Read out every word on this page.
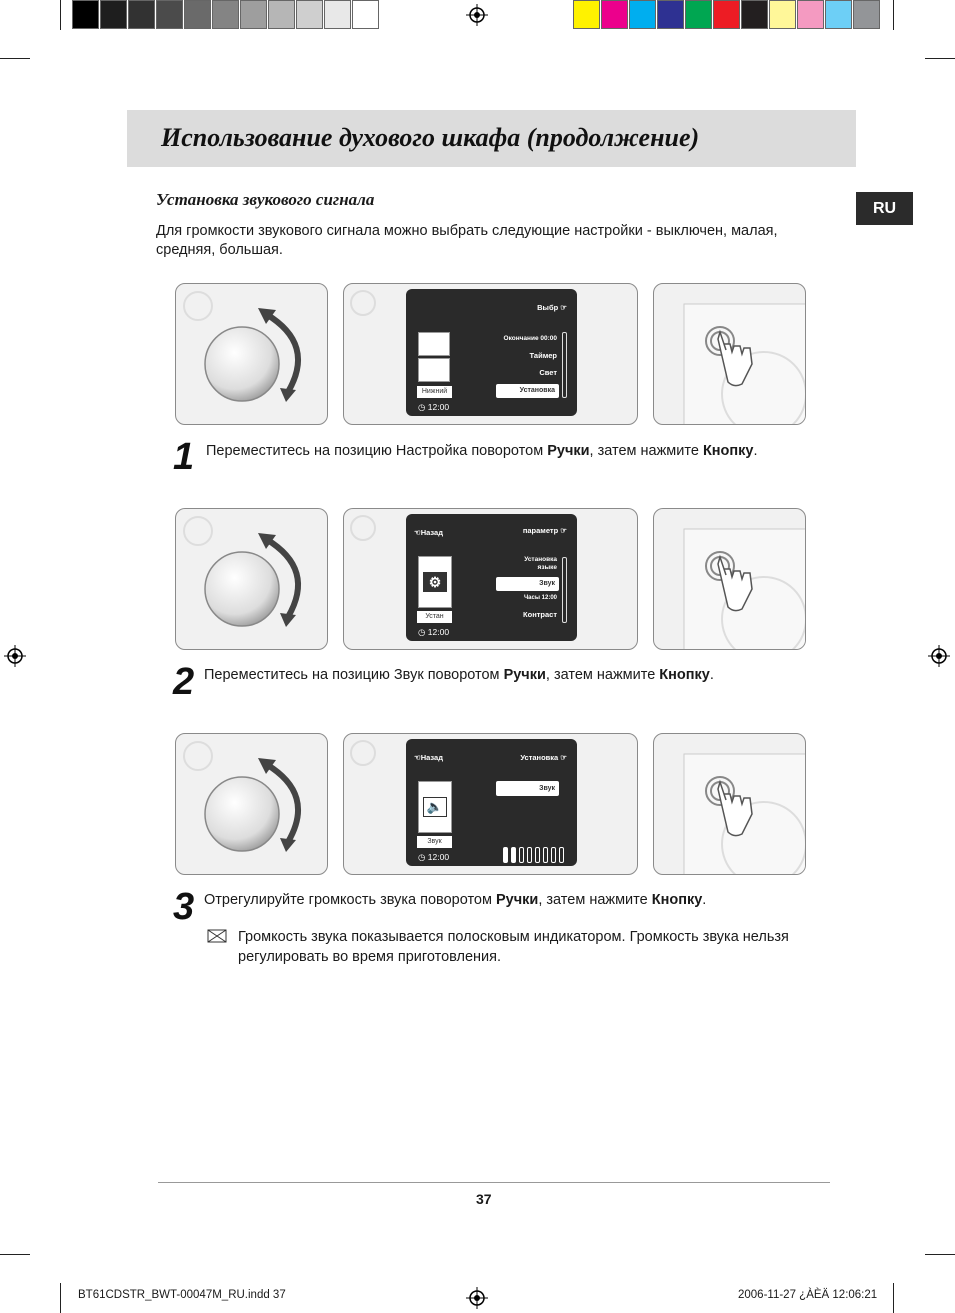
Использование духового шкафа (продолжение)
RU
Установка звукового сигнала
Для громкости звукового сигнала можно выбрать следующие настройки - выключен, малая, средняя, большая.
Выбр ☞
Нижний
Окончание 00:00
Таймер
Свет
Установка
◷ 12:00
1 Переместитесь на позицию Настройка поворотом Ручки, затем нажмите Кнопку.
☜Назад	параметр ☞
⚙
Устан
Установка языке
Звук
Часы 12:00
Контраст
◷ 12:00
2 Переместитесь на позицию Звук поворотом Ручки, затем нажмите Кнопку.
☜Назад	Установка ☞
🔈
Звук
Звук
◷ 12:00
3 Отрегулируйте громкость звука поворотом Ручки, затем нажмите Кнопку.
Громкость звука показывается полосковым индикатором. Громкость звука нельзя регулировать во время приготовления.
37
BT61CDSTR_BWT-00047M_RU.indd 37	2006-11-27 ¿ÀÈÄ 12:06:21
